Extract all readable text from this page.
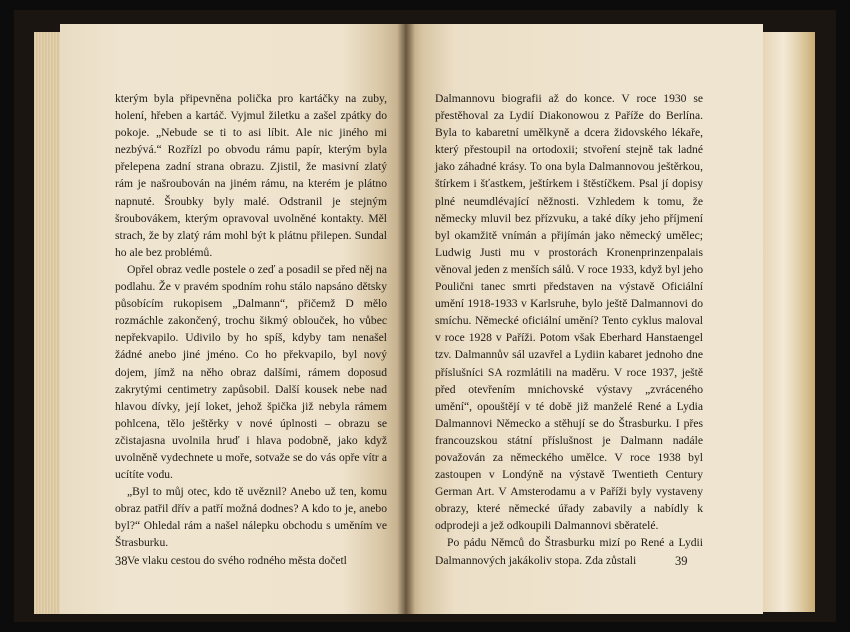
kterým byla připevněna polička pro kartáčky na zuby, holení, hřeben a kartáč. Vyjmul žiletku a zašel zpátky do pokoje. „Nebude se ti to asi líbit. Ale nic jiného mi nezbývá.“ Rozřízl po obvodu rámu papír, kterým byla přelepena zadní strana obrazu. Zjistil, že masivní zlatý rám je našroubován na jiném rámu, na kterém je plátno napnuté. Šroubky byly malé. Odstranil je stejným šroubovákem, kterým opravoval uvolněné kontakty. Měl strach, že by zlatý rám mohl být k plátnu přilepen. Sundal ho ale bez problémů.

Opřel obraz vedle postele o zeď a posadil se před něj na podlahu. Že v pravém spodním rohu stálo napsáno dětsky působícím rukopisem „Dalmann“, přičemž D mělo rozmáchle zakončený, trochu šikmý oblouček, ho vůbec nepřekvapilo. Udivilo by ho spíš, kdyby tam nenašel žádné anebo jiné jméno. Co ho překvapilo, byl nový dojem, jímž na něho obraz dalšími, rámem doposud zakrytými centimetry zapůsobil. Další kousek nebe nad hlavou dívky, její loket, jehož špička již nebyla rámem pohlcena, tělo ještěrky v nové úplnosti – obrazu se zčistajasna uvolnila hruď i hlava podobně, jako když uvolněně vydechnete u moře, sotvaže se do vás opře vítr a ucítíte vodu.

„Byl to můj otec, kdo tě uvěznil? Anebo už ten, komu obraz patřil dřív a patří možná dodnes? A kdo to je, anebo byl?“ Ohledal rám a našel nálepku obchodu s uměním ve Štrasburku.

Ve vlaku cestou do svého rodného města dočetl

38

Dalmannovu biografii až do konce. V roce 1930 se přestěhoval za Lydií Diakonowou z Paříže do Berlína. Byla to kabaretní umělkyně a dcera židovského lékaře, který přestoupil na ortodoxii; stvoření stejně tak ladné jako záhadné krásy. To ona byla Dalmannovou ještěrkou, štírkem i šťastkem, ještírkem i štěstíčkem. Psal jí dopisy plné neumdlévající něžnosti. Vzhledem k tomu, že německy mluvil bez přízvuku, a také díky jeho příjmení byl okamžitě vnímán a přijímán jako německý umělec; Ludwig Justi mu v prostorách Kronenprinzenpalais věnoval jeden z menších sálů. V roce 1933, když byl jeho Poulični tanec smrti představen na výstavě Oficiální umění 1918-1933 v Karlsruhe, bylo ještě Dalmannovi do smíchu. Německé oficiální umění? Tento cyklus maloval v roce 1928 v Paříži. Potom však Eberhard Hanstaengel tzv. Dalmannův sál uzavřel a Lydiin kabaret jednoho dne příslušníci SA rozmlátili na maděru. V roce 1937, ještě před otevřením mnichovské výstavy „zvráceného umění“, opouštějí v té době již manželé René a Lydia Dalmannovi Německo a stěhují se do Štrasburku. I přes francouzskou státní příslušnost je Dalmann nadále považován za německého umělce. V roce 1938 byl zastoupen v Londýně na výstavě Twentieth Century German Art. V Amsterodamu a v Paříži byly vystaveny obrazy, které německé úřady zabavily a nabídly k odprodeji a jež odkoupili Dalmannovi sběratelé.

Po pádu Němců do Štrasburku mizí po René a Lydii Dalmannových jakákoliv stopa. Zda zůstali	39
